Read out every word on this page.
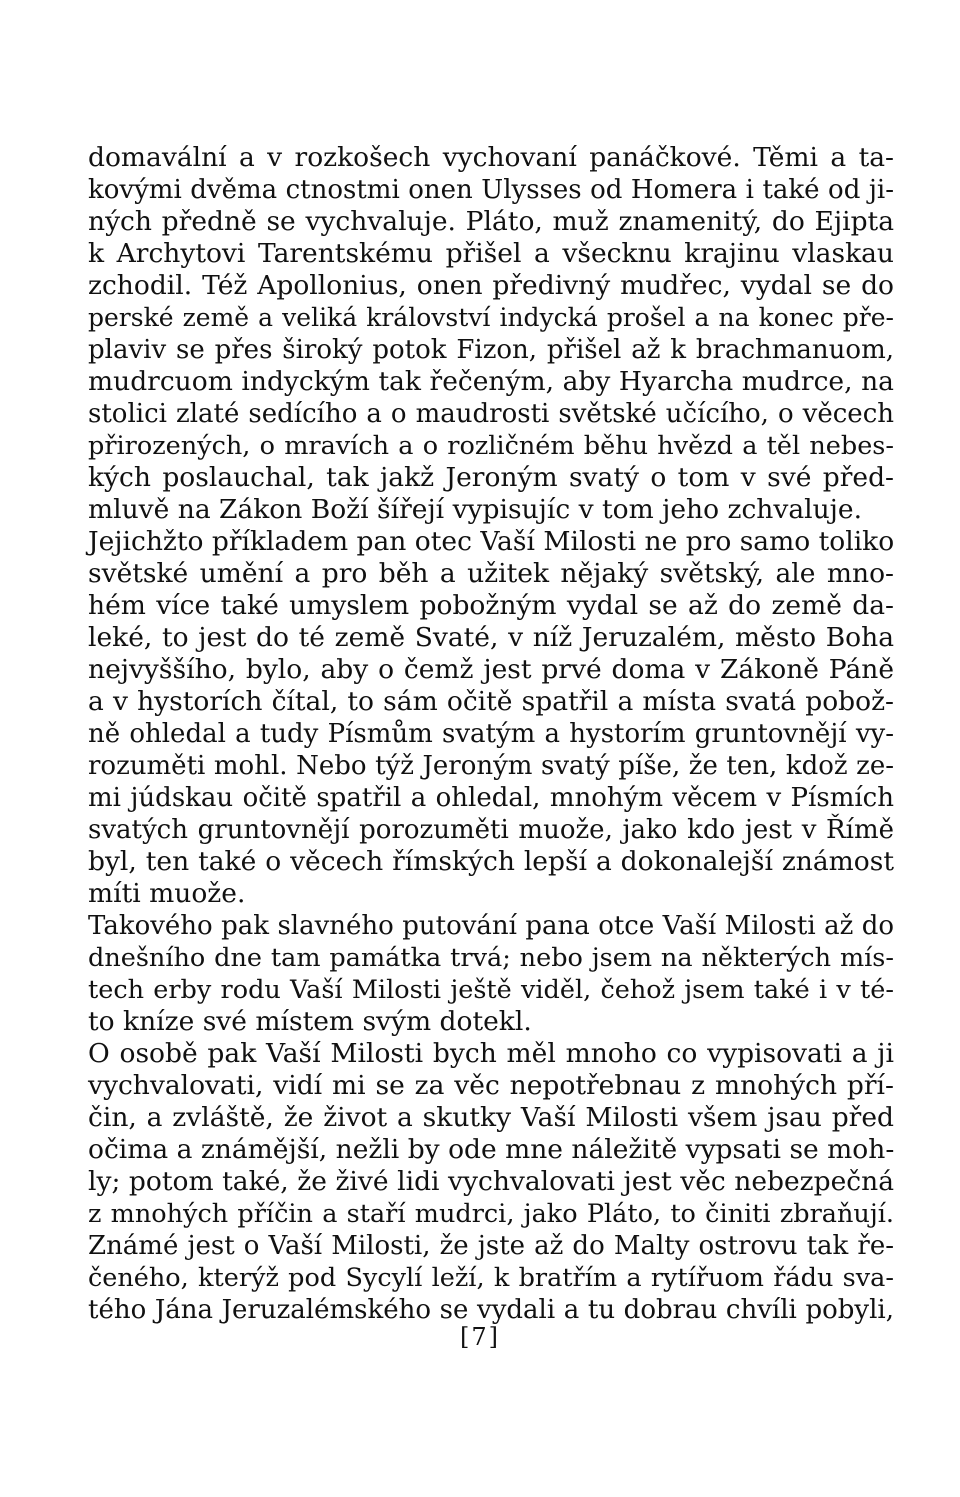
domavální a v rozkošech vychovaní panáčkové. Těmi a ta-
kovými dvěma ctnostmi onen Ulysses od Homera i také od ji-
ných předně se vychvaluje. Pláto, muž znamenitý, do Ejipta
k Archytovi Tarentskému přišel a všecknu krajinu vlaskau
zchodil. Též Apollonius, onen předivný mudřec, vydal se do
perské země a veliká království indycká prošel a na konec pře-
plaviv se přes široký potok Fizon, přišel až k brachmanuom,
mudrcuom indyckým tak řečeným, aby Hyarcha mudrce, na
stolici zlaté sedícího a o maudrosti světské učícího, o věcech
přirozených, o mravích a o rozličném běhu hvězd a těl nebes-
kých poslauchal, tak jakž Jeroným svatý o tom v své před-
mluvě na Zákon Boží šířejí vypisujíc v tom jeho zchvaluje.
Jejichžto příkladem pan otec Vaší Milosti ne pro samo toliko
světské umění a pro běh a užitek nějaký světský, ale mno-
hém více také umyslem pobožným vydal se až do země da-
leké, to jest do té země Svaté, v níž Jeruzalém, město Boha
nejvyššího, bylo, aby o čemž jest prvé doma v Zákoně Páně
a v hystorích čítal, to sám očitě spatřil a místa svatá pobož-
ně ohledal a tudy Písmům svatým a hystorím gruntovnějí vy-
rozuměti mohl. Nebo týž Jeroným svatý píše, že ten, kdož ze-
mi júdskau očitě spatřil a ohledal, mnohým věcem v Písmích
svatých gruntovnějí porozuměti muože, jako kdo jest v Římě
byl, ten také o věcech římských lepší a dokonalejší známost
míti muože.
Takového pak slavného putování pana otce Vaší Milosti až do
dnešního dne tam památka trvá; nebo jsem na některých mís-
tech erby rodu Vaší Milosti ještě viděl, čehož jsem také i v té-
to kníze své místem svým dotekl.
O osobě pak Vaší Milosti bych měl mnoho co vypisovati a ji
vychvalovati, vidí mi se za věc nepotřebnau z mnohých pří-
čin, a zvláště, že život a skutky Vaší Milosti všem jsau před
očima a známější, nežli by ode mne náležitě vypsati se moh-
ly; potom také, že živé lidi vychvalovati jest věc nebezpečná
z mnohých příčin a staří mudrci, jako Pláto, to činiti zbraňují.
Známé jest o Vaší Milosti, že jste až do Malty ostrovu tak ře-
čeného, kterýž pod Sycylí leží, k bratřím a rytířuom řádu sva-
tého Jána Jeruzalémského se vydali a tu dobrau chvíli pobyli,
[7]
